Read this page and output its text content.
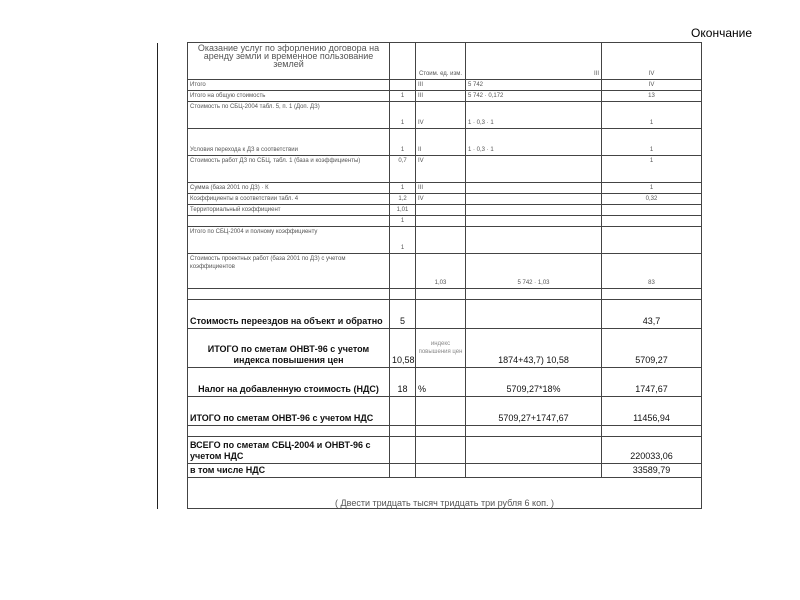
Окончание
	Оказание услуг по эфорлению договора на аренду земли и временное пользование землей		Стоим. ед. изм.	III	IV
	Итого		III	5 742	IV
	Итого на общую стоимость	1	III	5 742 · 0,172	13
	Стоимость по СБЦ-2004 табл. 5, п. 1 (Доп. ДЗ)	1	IV	1 · 0,3 · 1	1
	Условия перехода к ДЗ в соответствии	1	II	1 · 0,3 · 1	1
	Стоимость работ ДЗ по СБЦ, табл. 1 (база и коэффициенты)	0,7	IV		1
	Сумма (база 2001 по ДЗ) · К	1	III		1
	Коэффициенты в соответствии табл. 4	1,2	IV		0,32
	Территориальный коэффициент	1,01			
		1			
	Итого по СБЦ-2004 и полному коэффициенту	1			
	Стоимость проектных работ (база 2001 по ДЗ) с учетом коэффициентов		1,03	5 742 · 1,03	83

	Стоимость переездов на объект и обратно	5			43,7
	ИТОГО по сметам ОНВТ-96 с учетом индекса повышения цен	10,58	индекс повышения цен	1874+43,7) 10,58	5709,27
	Налог на добавленную стоимость (НДС)	18	%	5709,27*18%	1747,67
	ИТОГО по сметам ОНВТ-96 с учетом НДС			5709,27+1747,67	11456,94

	ВСЕГО по сметам СБЦ-2004 и ОНВТ-96 с учетом НДС				220033,06
	в том числе НДС				33589,79
	( Двести тридцать тысяч тридцать три рубля 6 коп. )				
